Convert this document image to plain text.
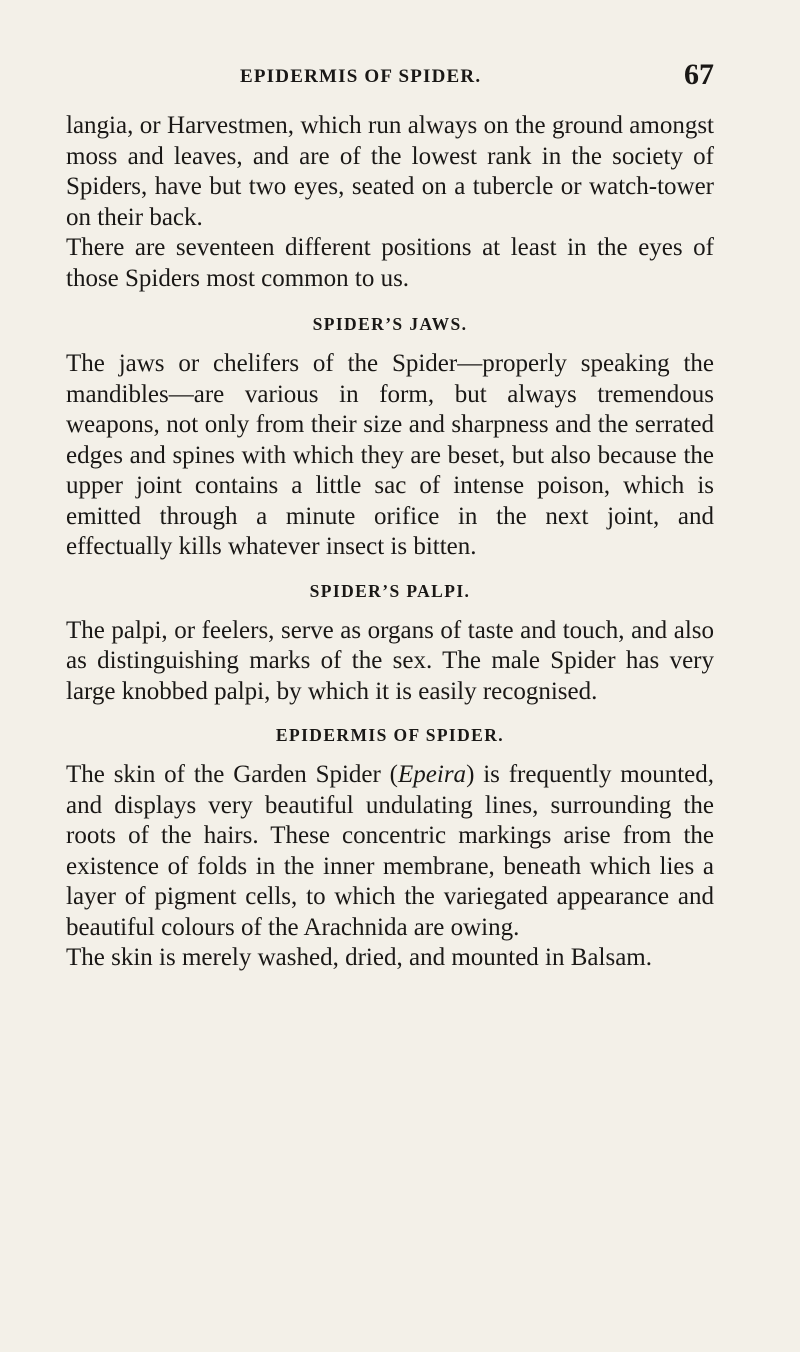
EPIDERMIS OF SPIDER.	67

langia, or Harvestmen, which run always on the ground amongst moss and leaves, and are of the lowest rank in the society of Spiders, have but two eyes, seated on a tubercle or watch-tower on their back.

There are seventeen different positions at least in the eyes of those Spiders most common to us.

SPIDER’S JAWS.

The jaws or chelifers of the Spider—properly speaking the mandibles—are various in form, but always tremendous weapons, not only from their size and sharpness and the serrated edges and spines with which they are beset, but also because the upper joint contains a little sac of intense poison, which is emitted through a minute orifice in the next joint, and effectually kills whatever insect is bitten.

SPIDER’S PALPI.

The palpi, or feelers, serve as organs of taste and touch, and also as distinguishing marks of the sex. The male Spider has very large knobbed palpi, by which it is easily recognised.

EPIDERMIS OF SPIDER.

The skin of the Garden Spider (Epeira) is frequently mounted, and displays very beautiful undulating lines, surrounding the roots of the hairs. These concentric markings arise from the existence of folds in the inner membrane, beneath which lies a layer of pigment cells, to which the variegated appearance and beautiful colours of the Arachnida are owing.

The skin is merely washed, dried, and mounted in Balsam.
